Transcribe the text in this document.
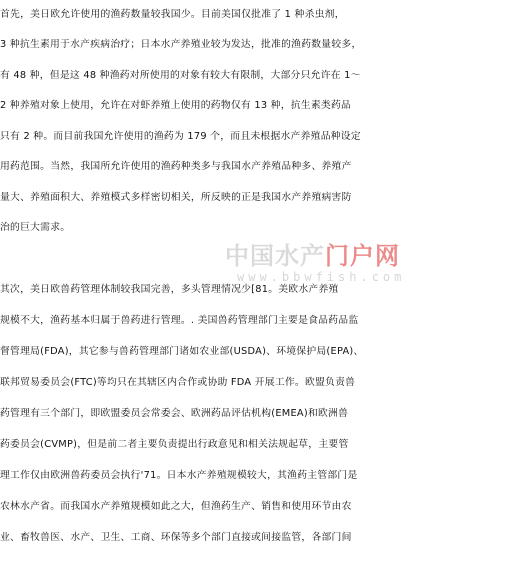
首先，美日欧允许使用的渔药数量较我国少。目前美国仅批准了 1 种杀虫剂，
3 种抗生素用于水产疾病治疗；日本水产养殖业较为发达，批准的渔药数量较多，
有 48 种，但是这 48 种渔药对所使用的对象有较大有限制，大部分只允许在 1～
2 种养殖对象上使用，允许在对虾养殖上使用的药物仅有 13 种，抗生素类药品
只有 2 种。而目前我国允许使用的渔药为 179 个，而且未根据水产养殖品种设定
用药范围。当然，我国所允许使用的渔药种类多与我国水产养殖品种多、养殖产
量大、养殖面积大、养殖模式多样密切相关，所反映的正是我国水产养殖病害防
治的巨大需求。
其次，美日欧兽药管理体制较我国完善，多头管理情况少[81。美欧水产养殖
规模不大，渔药基本归属于兽药进行管理。. 美国兽药管理部门主要是食品药品监
督管理局(FDA)，其它参与兽药管理部门诸如农业部(USDA)、环境保护局(EPA)、
联邦贸易委员会(FTC)等均只在其辖区内合作或协助 FDA 开展工作。欧盟负责兽
药管理有三个部门，即欧盟委员会常委会、欧洲药品评估机构(EMEA)和欧洲兽
药委员会(CVMP)，但是前二者主要负责提出行政意见和相关法规起草，主要管
理工作仅由欧洲兽药委员会执行'71。日本水产养殖规模较大，其渔药主管部门是
农林水产省。而我国水产养殖规模如此之大，但渔药生产、销售和使用环节由农
业、畜牧兽医、水产、卫生、工商、环保等多个部门直接或间接监管，各部门间
中国水产门户网
www.bbwfish.com
